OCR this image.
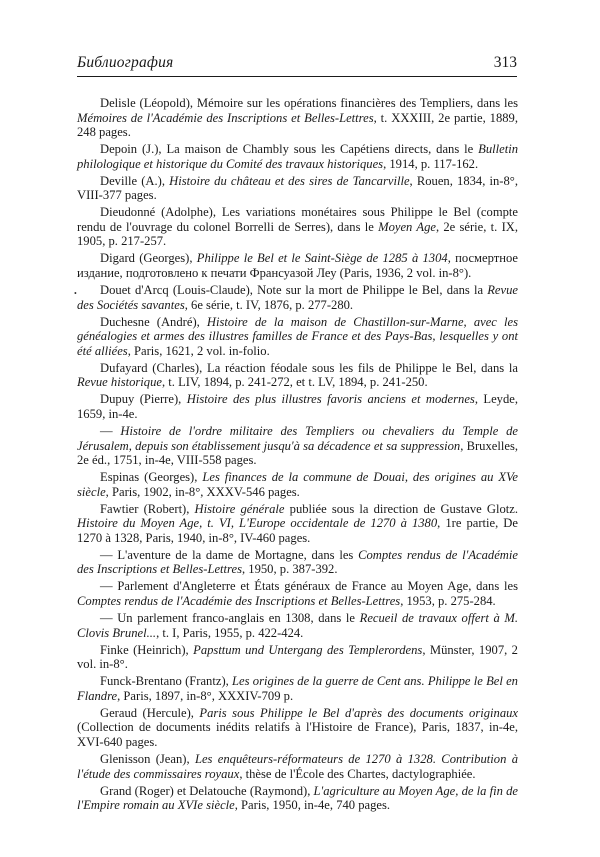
Библиография	313
•

Delisle (Léopold), Mémoire sur les opérations financières des Templiers, dans les Mémoires de l'Académie des Inscriptions et Belles-Lettres, t. XXXIII, 2e partie, 1889, 248 pages.

Depoin (J.), La maison de Chambly sous les Capétiens directs, dans le Bulletin philologique et historique du Comité des travaux historiques, 1914, p. 117-162.

Deville (A.), Histoire du château et des sires de Tancarville, Rouen, 1834, in-8°, VIII-377 pages.

Dieudonné (Adolphe), Les variations monétaires sous Philippe le Bel (compte rendu de l'ouvrage du colonel Borrelli de Serres), dans le Moyen Age, 2e série, t. IX, 1905, p. 217-257.

Digard (Georges), Philippe le Bel et le Saint-Siège de 1285 à 1304, посмертное издание, подготовлено к печати Франсуазой Леу (Paris, 1936, 2 vol. in-8°).

Douet d'Arcq (Louis-Claude), Note sur la mort de Philippe le Bel, dans la Revue des Sociétés savantes, 6e série, t. IV, 1876, p. 277-280.

Duchesne (André), Histoire de la maison de Chastillon-sur-Marne, avec les généalogies et armes des illustres familles de France et des Pays-Bas, lesquelles y ont été alliées, Paris, 1621, 2 vol. in-folio.

Dufayard (Charles), La réaction féodale sous les fils de Philippe le Bel, dans la Revue historique, t. LIV, 1894, p. 241-272, et t. LV, 1894, p. 241-250.

Dupuy (Pierre), Histoire des plus illustres favoris anciens et modernes, Leyde, 1659, in-4e.

— Histoire de l'ordre militaire des Templiers ou chevaliers du Temple de Jérusalem, depuis son établissement jusqu'à sa décadence et sa suppression, Bruxelles, 2e éd., 1751, in-4e, VIII-558 pages.

Espinas (Georges), Les finances de la commune de Douai, des origines au XVe siècle, Paris, 1902, in-8°, XXXV-546 pages.

Fawtier (Robert), Histoire générale publiée sous la direction de Gustave Glotz. Histoire du Moyen Age, t. VI, L'Europe occidentale de 1270 à 1380, 1re partie, De 1270 à 1328, Paris, 1940, in-8°, IV-460 pages.

— L'aventure de la dame de Mortagne, dans les Comptes rendus de l'Académie des Inscriptions et Belles-Lettres, 1950, p. 387-392.

— Parlement d'Angleterre et États généraux de France au Moyen Age, dans les Comptes rendus de l'Académie des Inscriptions et Belles-Lettres, 1953, p. 275-284.

— Un parlement franco-anglais en 1308, dans le Recueil de travaux offert à M. Clovis Brunel..., t. I, Paris, 1955, p. 422-424.

Finke (Heinrich), Papsttum und Untergang des Templerordens, Münster, 1907, 2 vol. in-8°.

Funck-Brentano (Frantz), Les origines de la guerre de Cent ans. Philippe le Bel en Flandre, Paris, 1897, in-8°, XXXIV-709 p.

Geraud (Hercule), Paris sous Philippe le Bel d'après des documents originaux (Collection de documents inédits relatifs à l'Histoire de France), Paris, 1837, in-4e, XVI-640 pages.

Glenisson (Jean), Les enquêteurs-réformateurs de 1270 à 1328. Contribution à l'étude des commissaires royaux, thèse de l'École des Chartes, dactylographiée.

Grand (Roger) et Delatouche (Raymond), L'agriculture au Moyen Age, de la fin de l'Empire romain au XVIe siècle, Paris, 1950, in-4e, 740 pages.
